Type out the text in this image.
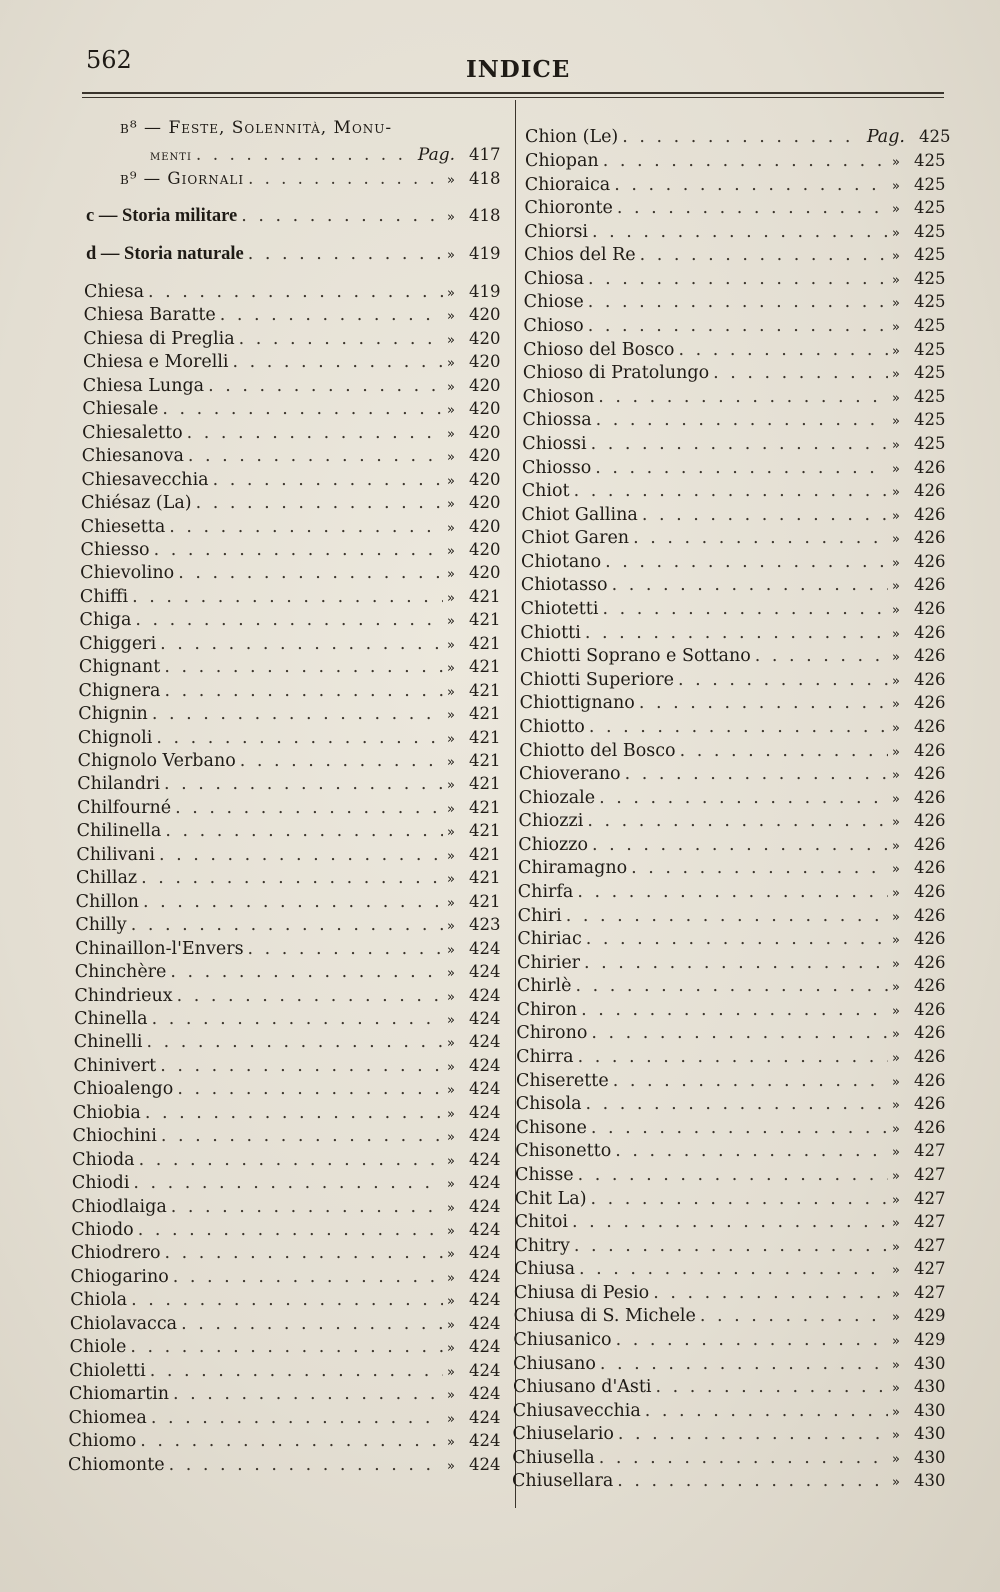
562	INDICE
b⁸ — Feste, Solennità, Monu-
menti . . .	Pag. 417
b⁹ — Giornali . . .	» 418
c — Storia militare . . .	» 418
d — Storia naturale . . .	» 419
Chiesa . . .	» 419
Chiesa Baratte . . .	» 420
Chiesa di Preglia . . .	» 420
Chiesa e Morelli . . .	» 420
Chiesa Lunga . . .	» 420
Chiesale . . .	» 420
Chiesaletto . . .	» 420
Chiesanova . . .	» 420
Chiesavecchia . . .	» 420
Chiésaz (La) . . .	» 420
Chiesetta . . .	» 420
Chiesso . . .	» 420
Chievolino . . .	» 420
Chiffi . . .	» 421
Chiga . . .	» 421
Chiggeri . . .	» 421
Chignant . . .	» 421
Chignera . . .	» 421
Chignin . . .	» 421
Chignoli . . .	» 421
Chignolo Verbano . . .	» 421
Chilandri . . .	» 421
Chilfourné . . .	» 421
Chilinella . . .	» 421
Chilivani . . .	» 421
Chillaz . . .	» 421
Chillon . . .	» 421
Chilly . . .	» 423
Chinaillon-l'Envers . . .	» 424
Chinchère . . .	» 424
Chindrieux . . .	» 424
Chinella . . .	» 424
Chinelli . . .	» 424
Chinivert . . .	» 424
Chioalengo . . .	» 424
Chiobia . . .	» 424
Chiochini . . .	» 424
Chioda . . .	» 424
Chiodi . . .	» 424
Chiodlaiga . . .	» 424
Chiodo . . .	» 424
Chiodrero . . .	» 424
Chiogarino . . .	» 424
Chiola . . .	» 424
Chiolavacca . . .	» 424
Chiole . . .	» 424
Chioletti . . .	» 424
Chiomartin . . .	» 424
Chiomea . . .	» 424
Chiomo . . .	» 424
Chiomonte . . .	» 424
Chion (Le) . . .	Pag. 425
Chiopan . . .	» 425
Chioraica . . .	» 425
Chioronte . . .	» 425
Chiorsi . . .	» 425
Chios del Re . . .	» 425
Chiosa . . .	» 425
Chiose . . .	» 425
Chioso . . .	» 425
Chioso del Bosco . . .	» 425
Chioso di Pratolungo . . .	» 425
Chioson . . .	» 425
Chiossa . . .	» 425
Chiossi . . .	» 425
Chiosso . . .	» 426
Chiot . . .	» 426
Chiot Gallina . . .	» 426
Chiot Garen . . .	» 426
Chiotano . . .	» 426
Chiotasso . . .	» 426
Chiotetti . . .	» 426
Chiotti . . .	» 426
Chiotti Soprano e Sottano . . .	» 426
Chiotti Superiore . . .	» 426
Chiottignano . . .	» 426
Chiotto . . .	» 426
Chiotto del Bosco . . .	» 426
Chioverano . . .	» 426
Chiozale . . .	» 426
Chiozzi . . .	» 426
Chiozzo . . .	» 426
Chiramagno . . .	» 426
Chirfa . . .	» 426
Chiri . . .	» 426
Chiriac . . .	» 426
Chirier . . .	» 426
Chirlè . . .	» 426
Chiron . . .	» 426
Chirono . . .	» 426
Chirra . . .	» 426
Chiserette . . .	» 426
Chisola . . .	» 426
Chisone . . .	» 426
Chisonetto . . .	» 427
Chisse . . .	» 427
Chit La) . . .	» 427
Chitoi . . .	» 427
Chitry . . .	» 427
Chiusa . . .	» 427
Chiusa di Pesio . . .	» 427
Chiusa di S. Michele . . .	» 429
Chiusanico . . .	» 429
Chiusano . . .	» 430
Chiusano d'Asti . . .	» 430
Chiusavecchia . . .	» 430
Chiuselario . . .	» 430
Chiusella . . .	» 430
Chiusellara . . .	» 430
